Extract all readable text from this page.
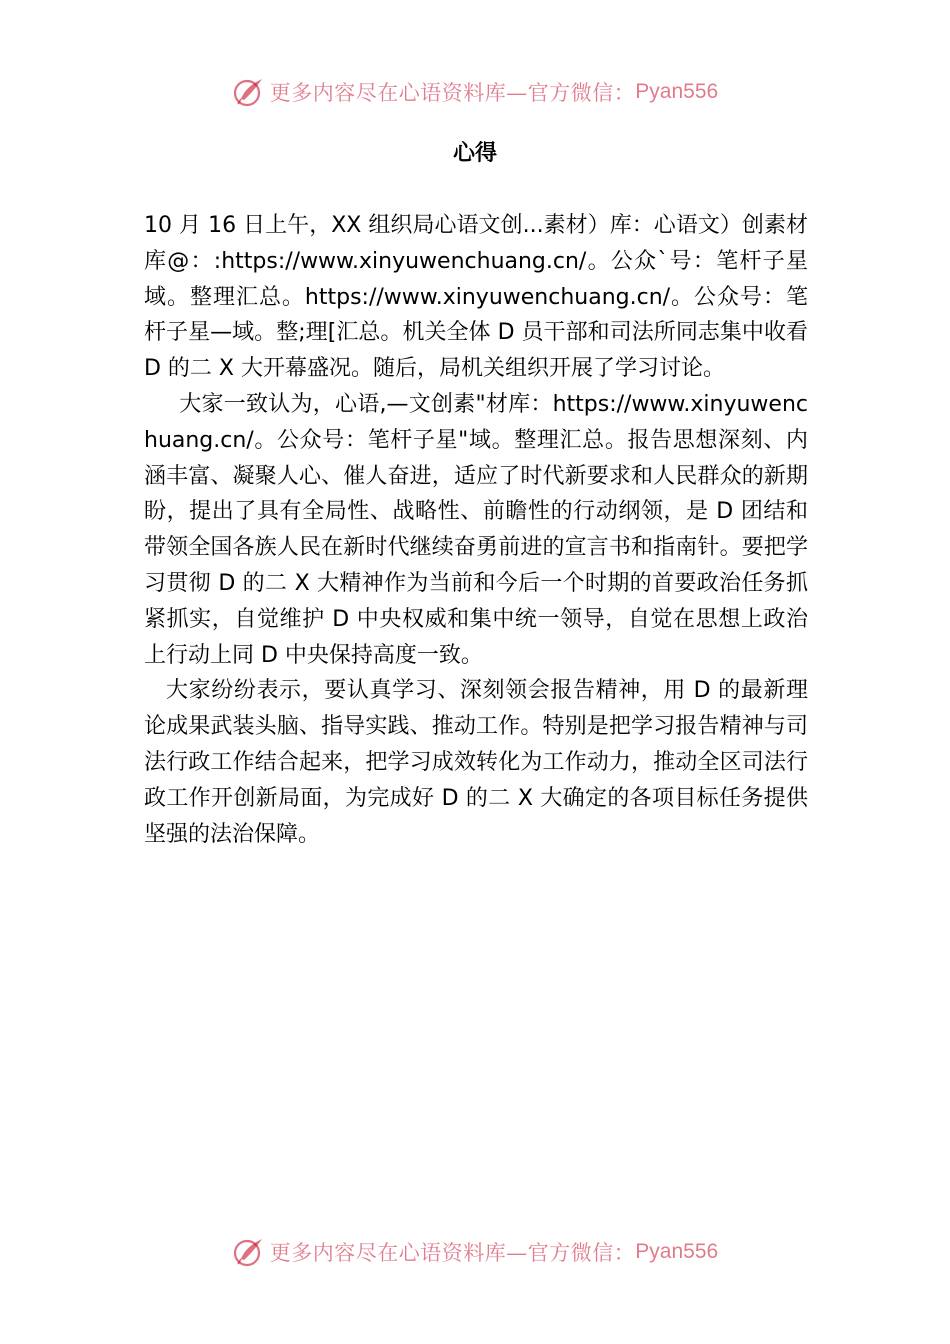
更多内容尽在心语资料库—官方微信： Pyan556
心得

10 月 16 日上午，XX 组织局心语文创...素材）库：心语文）创素材库@：:https://www.xinyuwenchuang.cn/。公众`号：笔杆子星域。整理汇总。https://www.xinyuwenchuang.cn/。公众号：笔杆子星—域。整;理[汇总。机关全体 D 员干部和司法所同志集中收看 D 的二 X 大开幕盛况。随后，局机关组织开展了学习讨论。

大家一致认为，心语,—文创素"材库：https://www.xinyuwenchuang.cn/。公众号：笔杆子星"域。整理汇总。报告思想深刻、内涵丰富、凝聚人心、催人奋进，适应了时代新要求和人民群众的新期盼，提出了具有全局性、战略性、前瞻性的行动纲领，是 D 团结和带领全国各族人民在新时代继续奋勇前进的宣言书和指南针。要把学习贯彻 D 的二 X 大精神作为当前和今后一个时期的首要政治任务抓紧抓实，自觉维护 D 中央权威和集中统一领导，自觉在思想上政治上行动上同 D 中央保持高度一致。

大家纷纷表示，要认真学习、深刻领会报告精神，用 D 的最新理论成果武装头脑、指导实践、推动工作。特别是把学习报告精神与司法行政工作结合起来，把学习成效转化为工作动力，推动全区司法行政工作开创新局面，为完成好 D 的二 X 大确定的各项目标任务提供坚强的法治保障。

更多内容尽在心语资料库—官方微信： Pyan556
